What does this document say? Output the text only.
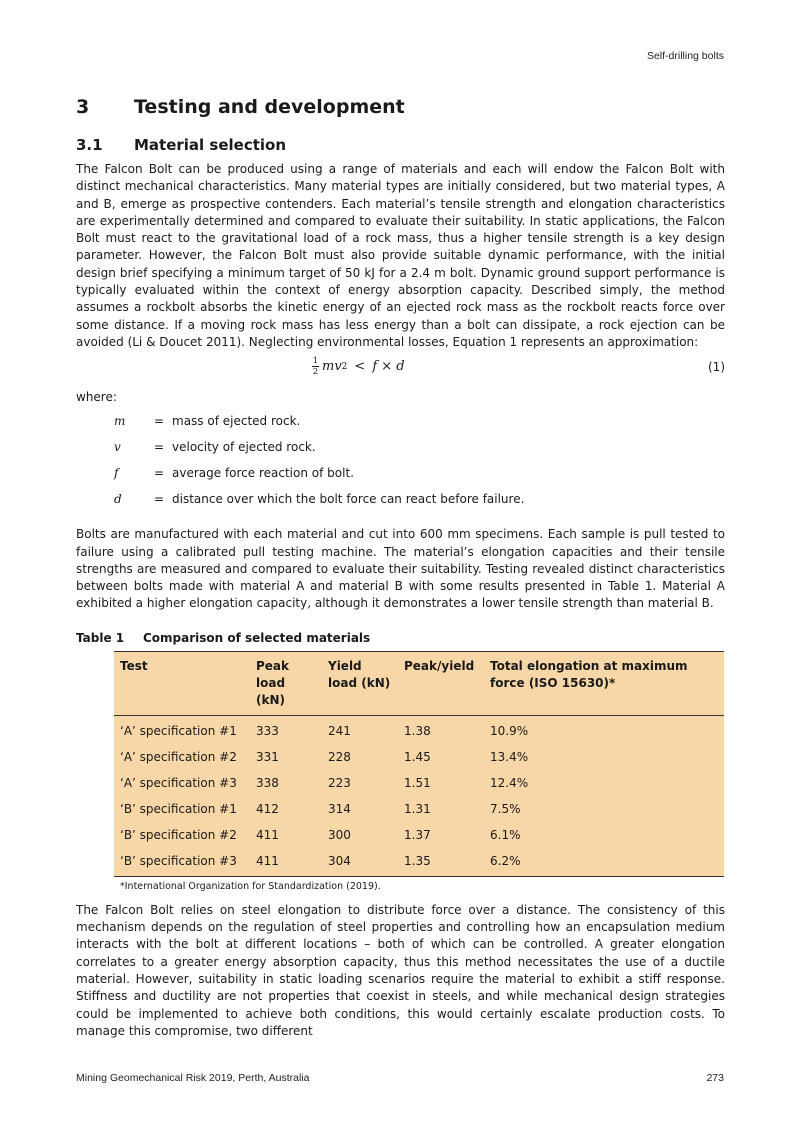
Self-drilling bolts
3	Testing and development
3.1	Material selection

The Falcon Bolt can be produced using a range of materials and each will endow the Falcon Bolt with distinct mechanical characteristics. Many material types are initially considered, but two material types, A and B, emerge as prospective contenders. Each material’s tensile strength and elongation characteristics are experimentally determined and compared to evaluate their suitability. In static applications, the Falcon Bolt must react to the gravitational load of a rock mass, thus a higher tensile strength is a key design parameter. However, the Falcon Bolt must also provide suitable dynamic performance, with the initial design brief specifying a minimum target of 50 kJ for a 2.4 m bolt. Dynamic ground support performance is typically evaluated within the context of energy absorption capacity. Described simply, the method assumes a rockbolt absorbs the kinetic energy of an ejected rock mass as the rockbolt reacts force over some distance. If a moving rock mass has less energy than a bolt can dissipate, a rock ejection can be avoided (Li & Doucet 2011). Neglecting environmental losses, Equation 1 represents an approximation:

$\frac{1}{2}$ mv 2 < f × d	(1)
where:
m	= mass of ejected rock.
v	= velocity of ejected rock.
f	= average force reaction of bolt.
d	= distance over which the bolt force can react before failure.

Bolts are manufactured with each material and cut into 600 mm specimens. Each sample is pull tested to failure using a calibrated pull testing machine. The material’s elongation capacities and their tensile strengths are measured and compared to evaluate their suitability. Testing revealed distinct characteristics between bolts made with material A and material B with some results presented in Table 1. Material A exhibited a higher elongation capacity, although it demonstrates a lower tensile strength than material B.

Table 1	Comparison of selected materials
Test	Peak load (kN)	Yield load (kN)	Peak/yield	Total elongation at maximum force (ISO 15630)*
‘A’ specification #1	333	241	1.38	10.9%
‘A’ specification #2	331	228	1.45	13.4%
‘A’ specification #3	338	223	1.51	12.4%
‘B’ specification #1	412	314	1.31	7.5%
‘B’ specification #2	411	300	1.37	6.1%
‘B’ specification #3	411	304	1.35	6.2%
*International Organization for Standardization (2019).

The Falcon Bolt relies on steel elongation to distribute force over a distance. The consistency of this mechanism depends on the regulation of steel properties and controlling how an encapsulation medium interacts with the bolt at different locations – both of which can be controlled. A greater elongation correlates to a greater energy absorption capacity, thus this method necessitates the use of a ductile material. However, suitability in static loading scenarios require the material to exhibit a stiff response. Stiffness and ductility are not properties that coexist in steels, and while mechanical design strategies could be implemented to achieve both conditions, this would certainly escalate production costs. To manage this compromise, two different

Mining Geomechanical Risk 2019, Perth, Australia	273
